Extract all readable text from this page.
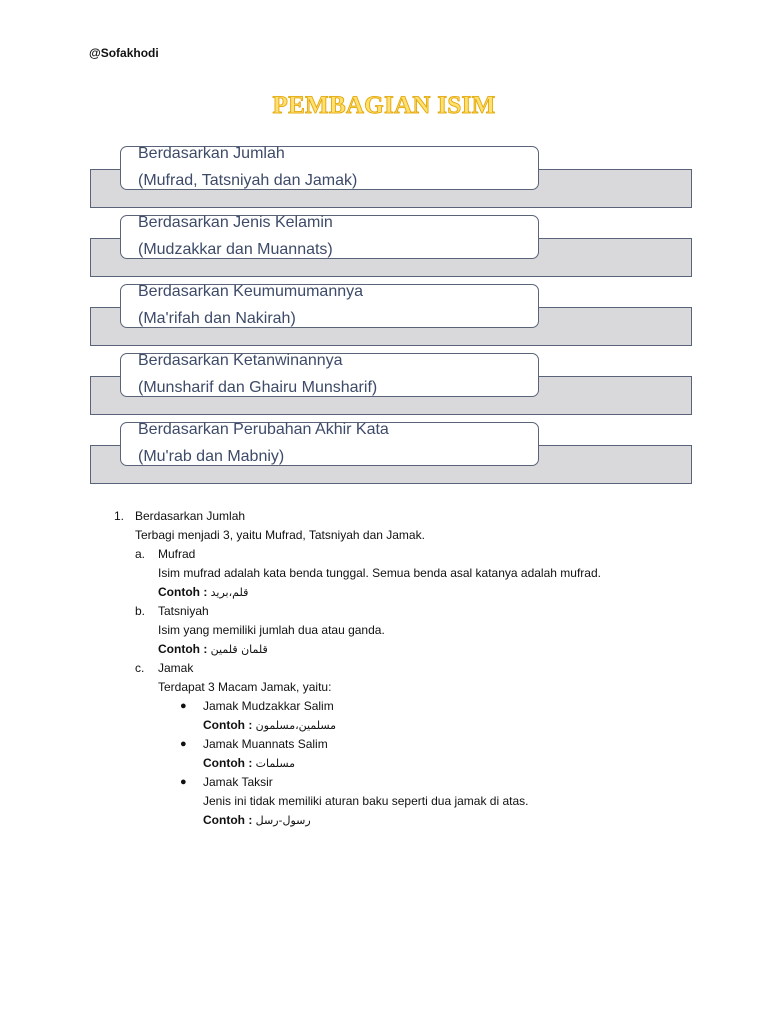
@Sofakhodi
PEMBAGIAN ISIM
Berdasarkan Jumlah
(Mufrad, Tatsniyah dan Jamak)
Berdasarkan Jenis Kelamin
(Mudzakkar dan Muannats)
Berdasarkan Keumumumannya
(Ma'rifah dan Nakirah)
Berdasarkan Ketanwinannya
(Munsharif dan Ghairu Munsharif)
Berdasarkan Perubahan Akhir Kata
(Mu'rab dan Mabniy)
1. Berdasarkan Jumlah
Terbagi menjadi 3, yaitu Mufrad, Tatsniyah dan Jamak.
a. Mufrad
Isim mufrad adalah kata benda tunggal. Semua benda asal katanya adalah mufrad.
Contoh : قلم،بريد
b. Tatsniyah
Isim yang memiliki jumlah dua atau ganda.
Contoh : قلمان قلمين
c. Jamak
Terdapat 3 Macam Jamak, yaitu:
● Jamak Mudzakkar Salim
Contoh : مسلمين،مسلمون
● Jamak Muannats Salim
Contoh : مسلمات
● Jamak Taksir
Jenis ini tidak memiliki aturan baku seperti dua jamak di atas.
Contoh : رسول-رسل
